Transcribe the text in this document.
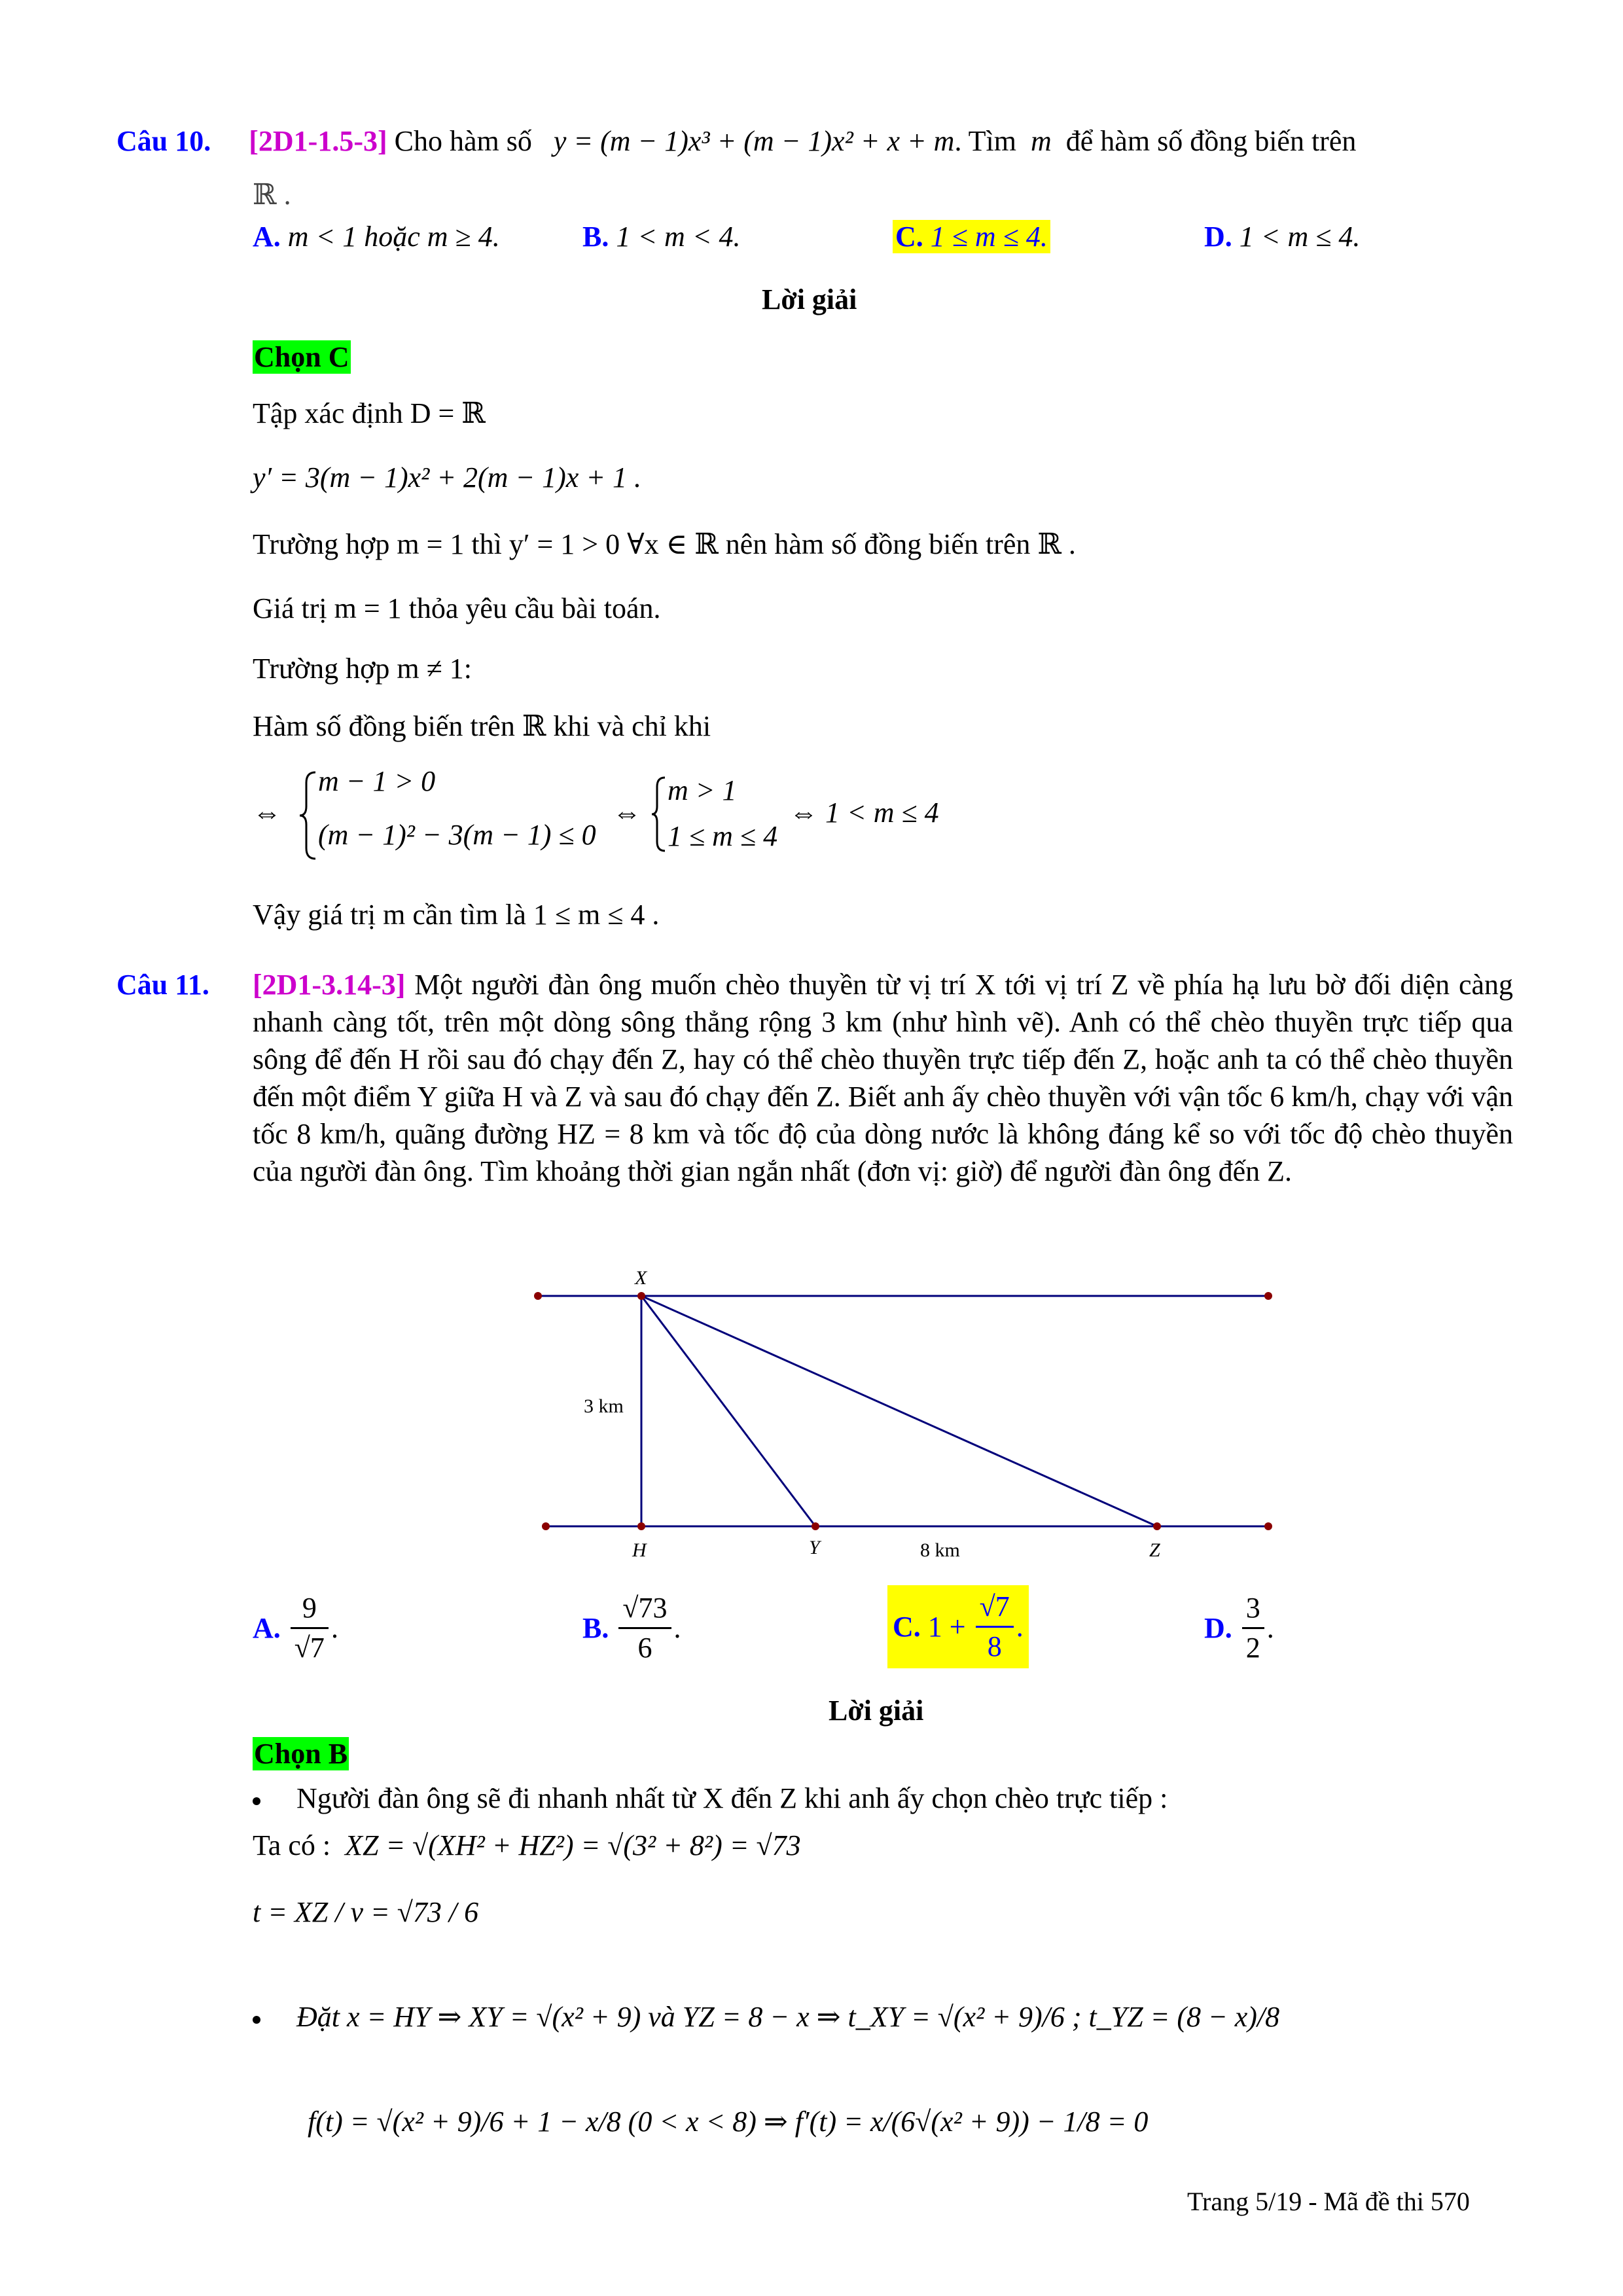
Câu 10. [2D1-1.5-3] Cho hàm số y = (m − 1)x³ + (m − 1)x² + x + m. Tìm m để hàm số đồng biến trên
ℝ .
A. m < 1 hoặc m ≥ 4.	B. 1 < m < 4.	C. 1 ≤ m ≤ 4.	D. 1 < m ≤ 4.
Lời giải
Chọn C
Tập xác định D = ℝ
y′ = 3(m − 1)x² + 2(m − 1)x + 1 .
Trường hợp m = 1 thì y′ = 1 > 0 ∀x ∈ ℝ nên hàm số đồng biến trên ℝ .
Giá trị m = 1 thỏa yêu cầu bài toán.
Trường hợp m ≠ 1:
Hàm số đồng biến trên ℝ khi và chỉ khi
⇔
m − 1 > 0
(m − 1)² − 3(m − 1) ≤ 0
⇔
m > 1
1 ≤ m ≤ 4
⇔ 1 < m ≤ 4
Vậy giá trị m cần tìm là 1 ≤ m ≤ 4 .
Câu 11. [2D1-3.14-3] Một người đàn ông muốn chèo thuyền từ vị trí X tới vị trí Z về phía hạ lưu bờ đối diện càng nhanh càng tốt, trên một dòng sông thẳng rộng 3 km (như hình vẽ). Anh có thể chèo thuyền trực tiếp qua sông để đến H rồi sau đó chạy đến Z, hay có thể chèo thuyền trực tiếp đến Z, hoặc anh ta có thể chèo thuyền đến một điểm Y giữa H và Z và sau đó chạy đến Z. Biết anh ấy chèo thuyền với vận tốc 6 km/h, chạy với vận tốc 8 km/h, quãng đường HZ = 8 km và tốc độ của dòng nước là không đáng kể so với tốc độ chèo thuyền của người đàn ông. Tìm khoảng thời gian ngắn nhất (đơn vị: giờ) để người đàn ông đến Z.
X
H	Y	Z
3 km
8 km
A. $\frac{9}{√7}$ .	B. $\frac{√73}{6}$ .	C. $1 + \frac{√7}{8}$ .	D. $\frac{3}{2}$ .
Lời giải
Chọn B
Người đàn ông sẽ đi nhanh nhất từ X đến Z khi anh ấy chọn chèo trực tiếp :
Ta có : XZ = √(XH² + HZ²) = √(3² + 8²) = √73
t = XZ / v = √73 / 6
Đặt x = HY ⇒ XY = √(x² + 9) và YZ = 8 − x ⇒ t_XY = √(x² + 9)/6 ; t_YZ = (8 − x)/8
f(t) = √(x² + 9)/6 + 1 − x/8 (0 < x < 8) ⇒ f′(t) = x/(6√(x² + 9)) − 1/8 = 0
Trang 5/19 - Mã đề thi 570
